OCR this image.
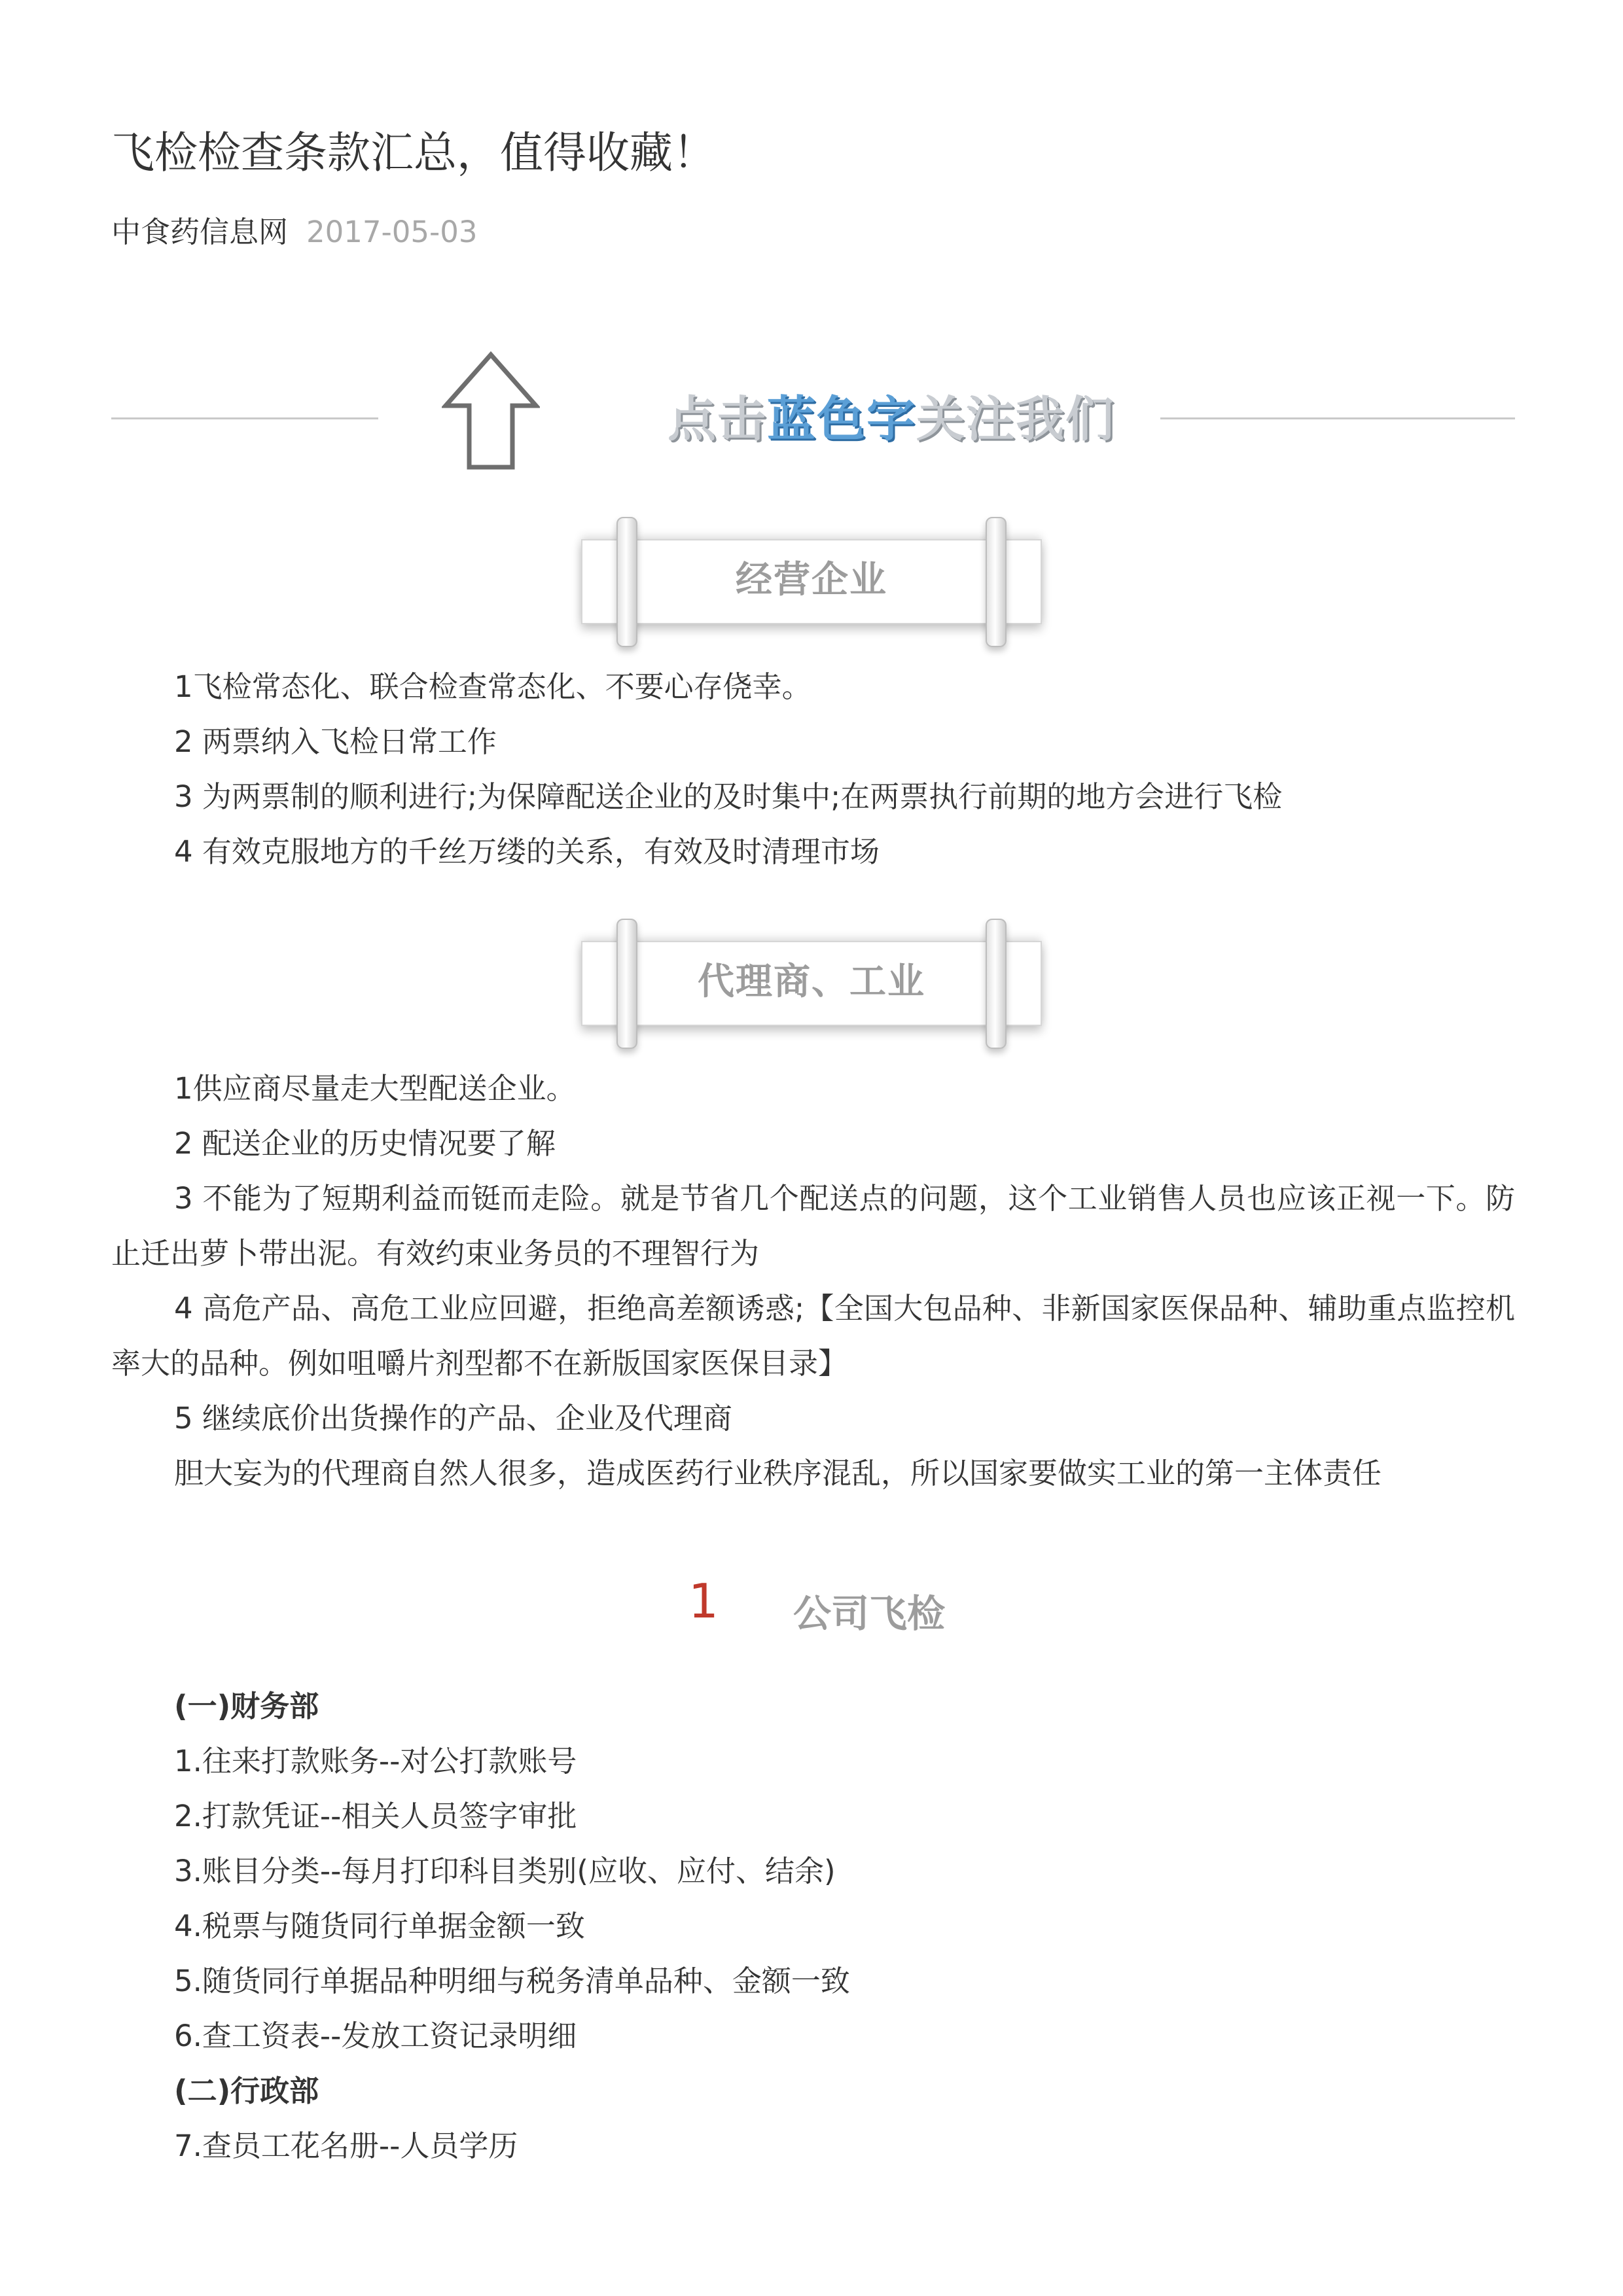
飞检检查条款汇总，值得收藏！
中食药信息网 2017-05-03
点击蓝色字关注我们
经营企业

1飞检常态化、联合检查常态化、不要心存侥幸。

2 两票纳入飞检日常工作

3 为两票制的顺利进行;为保障配送企业的及时集中;在两票执行前期的地方会进行飞检

4 有效克服地方的千丝万缕的关系，有效及时清理市场

代理商、工业

1供应商尽量走大型配送企业。

2 配送企业的历史情况要了解

3 不能为了短期利益而铤而走险。就是节省几个配送点的问题，这个工业销售人员也应该正视一下。防止迁出萝卜带出泥。有效约束业务员的不理智行为

4 高危产品、高危工业应回避，拒绝高差额诱惑;【全国大包品种、非新国家医保品种、辅助重点监控机率大的品种。例如咀嚼片剂型都不在新版国家医保目录】

5 继续底价出货操作的产品、企业及代理商

胆大妄为的代理商自然人很多，造成医药行业秩序混乱，所以国家要做实工业的第一主体责任

1 公司飞检

(一)财务部

1.往来打款账务--对公打款账号

2.打款凭证--相关人员签字审批

3.账目分类--每月打印科目类别(应收、应付、结余)

4.税票与随货同行单据金额一致

5.随货同行单据品种明细与税务清单品种、金额一致

6.查工资表--发放工资记录明细

(二)行政部

7.查员工花名册--人员学历
